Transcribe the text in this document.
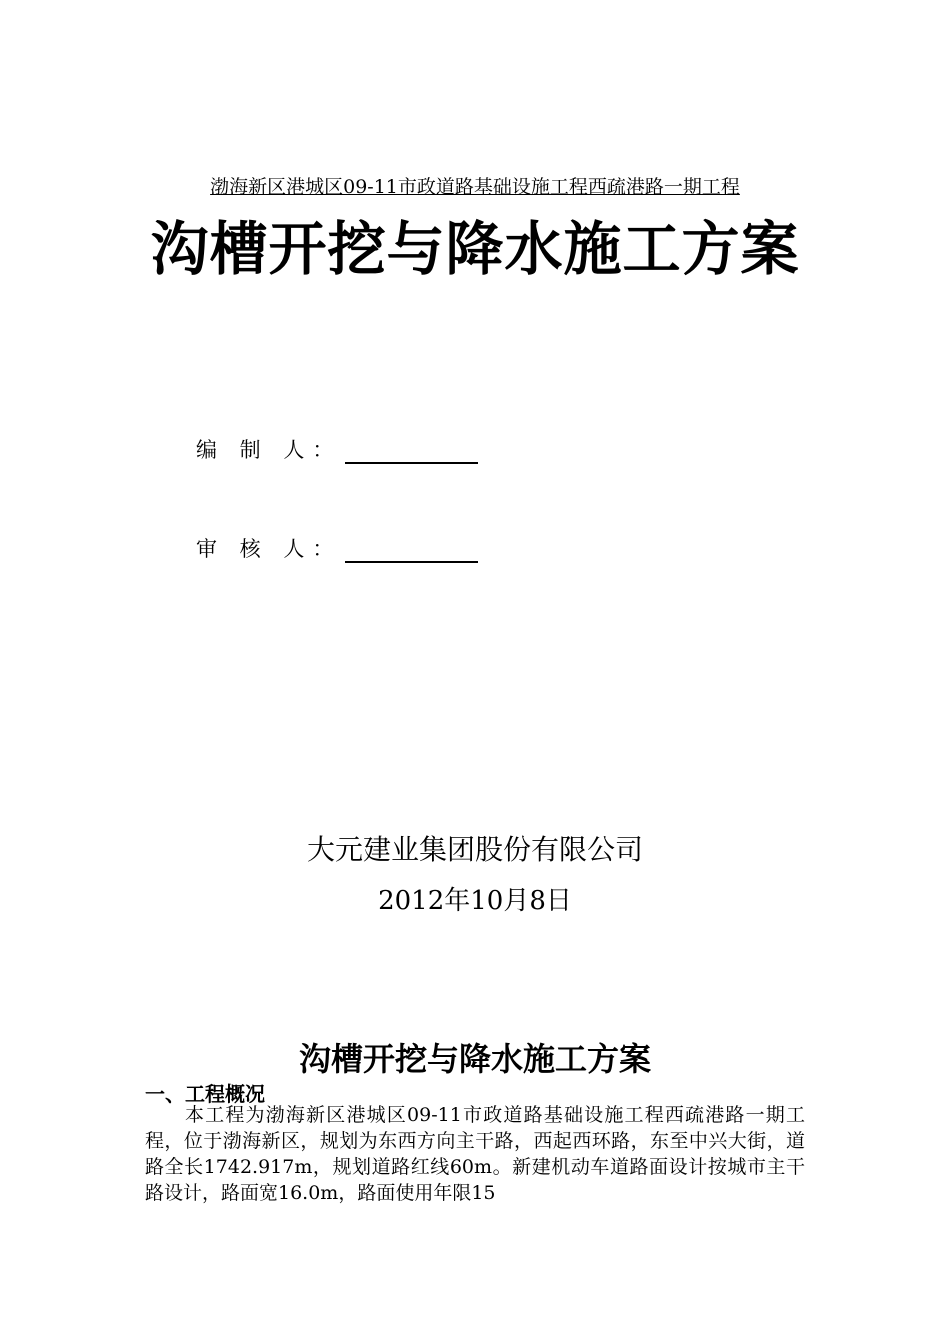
渤海新区港城区09-11市政道路基础设施工程西疏港路一期工程
沟槽开挖与降水施工方案
编 制 人：
审 核 人：
大元建业集团股份有限公司
2012年10月8日
沟槽开挖与降水施工方案
一、工程概况
本工程为渤海新区港城区09-11市政道路基础设施工程西疏港路一期工程，位于渤海新区，规划为东西方向主干路，西起西环路，东至中兴大街，道路全长1742.917m，规划道路红线60m。新建机动车道路面设计按城市主干路设计，路面宽16.0m，路面使用年限15
